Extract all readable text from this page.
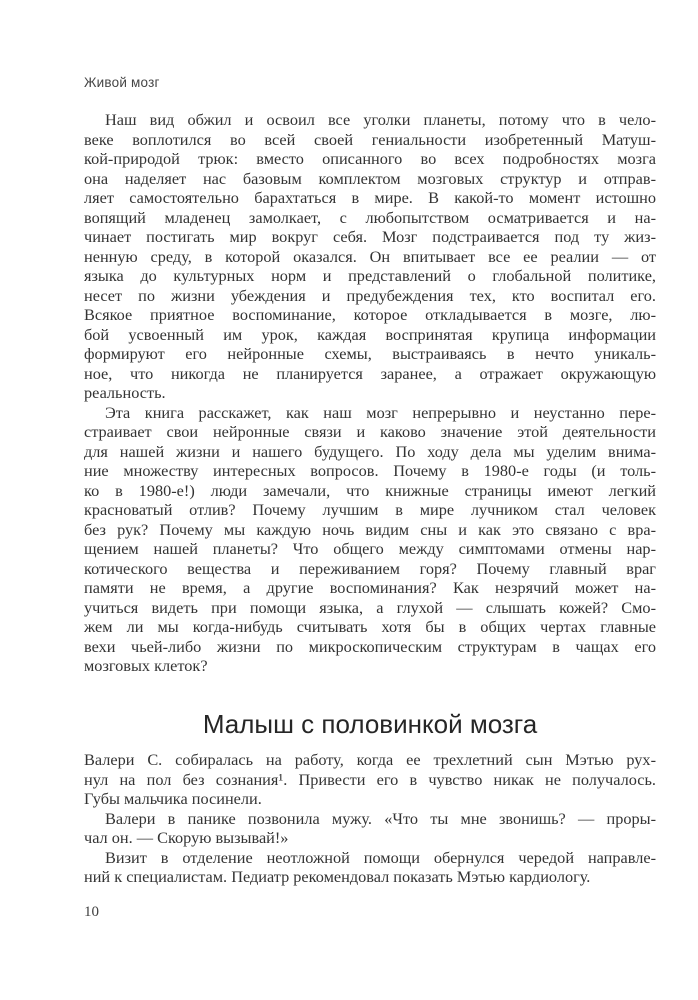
Живой мозг
Наш вид обжил и освоил все уголки планеты, потому что в чело-
веке воплотился во всей своей гениальности изобретенный Матуш-
кой-природой трюк: вместо описанного во всех подробностях мозга
она наделяет нас базовым комплектом мозговых структур и отправ-
ляет самостоятельно барахтаться в мире. В какой-то момент истошно
вопящий младенец замолкает, с любопытством осматривается и на-
чинает постигать мир вокруг себя. Мозг подстраивается под ту жиз-
ненную среду, в которой оказался. Он впитывает все ее реалии — от
языка до культурных норм и представлений о глобальной политике,
несет по жизни убеждения и предубеждения тех, кто воспитал его.
Всякое приятное воспоминание, которое откладывается в мозге, лю-
бой усвоенный им урок, каждая воспринятая крупица информации
формируют его нейронные схемы, выстраиваясь в нечто уникаль-
ное, что никогда не планируется заранее, а отражает окружающую
реальность.
Эта книга расскажет, как наш мозг непрерывно и неустанно пере-
страивает свои нейронные связи и каково значение этой деятельности
для нашей жизни и нашего будущего. По ходу дела мы уделим внима-
ние множеству интересных вопросов. Почему в 1980-е годы (и толь-
ко в 1980-е!) люди замечали, что книжные страницы имеют легкий
красноватый отлив? Почему лучшим в мире лучником стал человек
без рук? Почему мы каждую ночь видим сны и как это связано с вра-
щением нашей планеты? Что общего между симптомами отмены нар-
котического вещества и переживанием горя? Почему главный враг
памяти не время, а другие воспоминания? Как незрячий может на-
учиться видеть при помощи языка, а глухой — слышать кожей? Смо-
жем ли мы когда-нибудь считывать хотя бы в общих чертах главные
вехи чьей-либо жизни по микроскопическим структурам в чащах его
мозговых клеток?
Малыш с половинкой мозга
Валери С. собиралась на работу, когда ее трехлетний сын Мэтью рух-
нул на пол без сознания¹. Привести его в чувство никак не получалось.
Губы мальчика посинели.
Валери в панике позвонила мужу. «Что ты мне звонишь? — проры-
чал он. — Скорую вызывай!»
Визит в отделение неотложной помощи обернулся чередой направле-
ний к специалистам. Педиатр рекомендовал показать Мэтью кардиологу.
10
